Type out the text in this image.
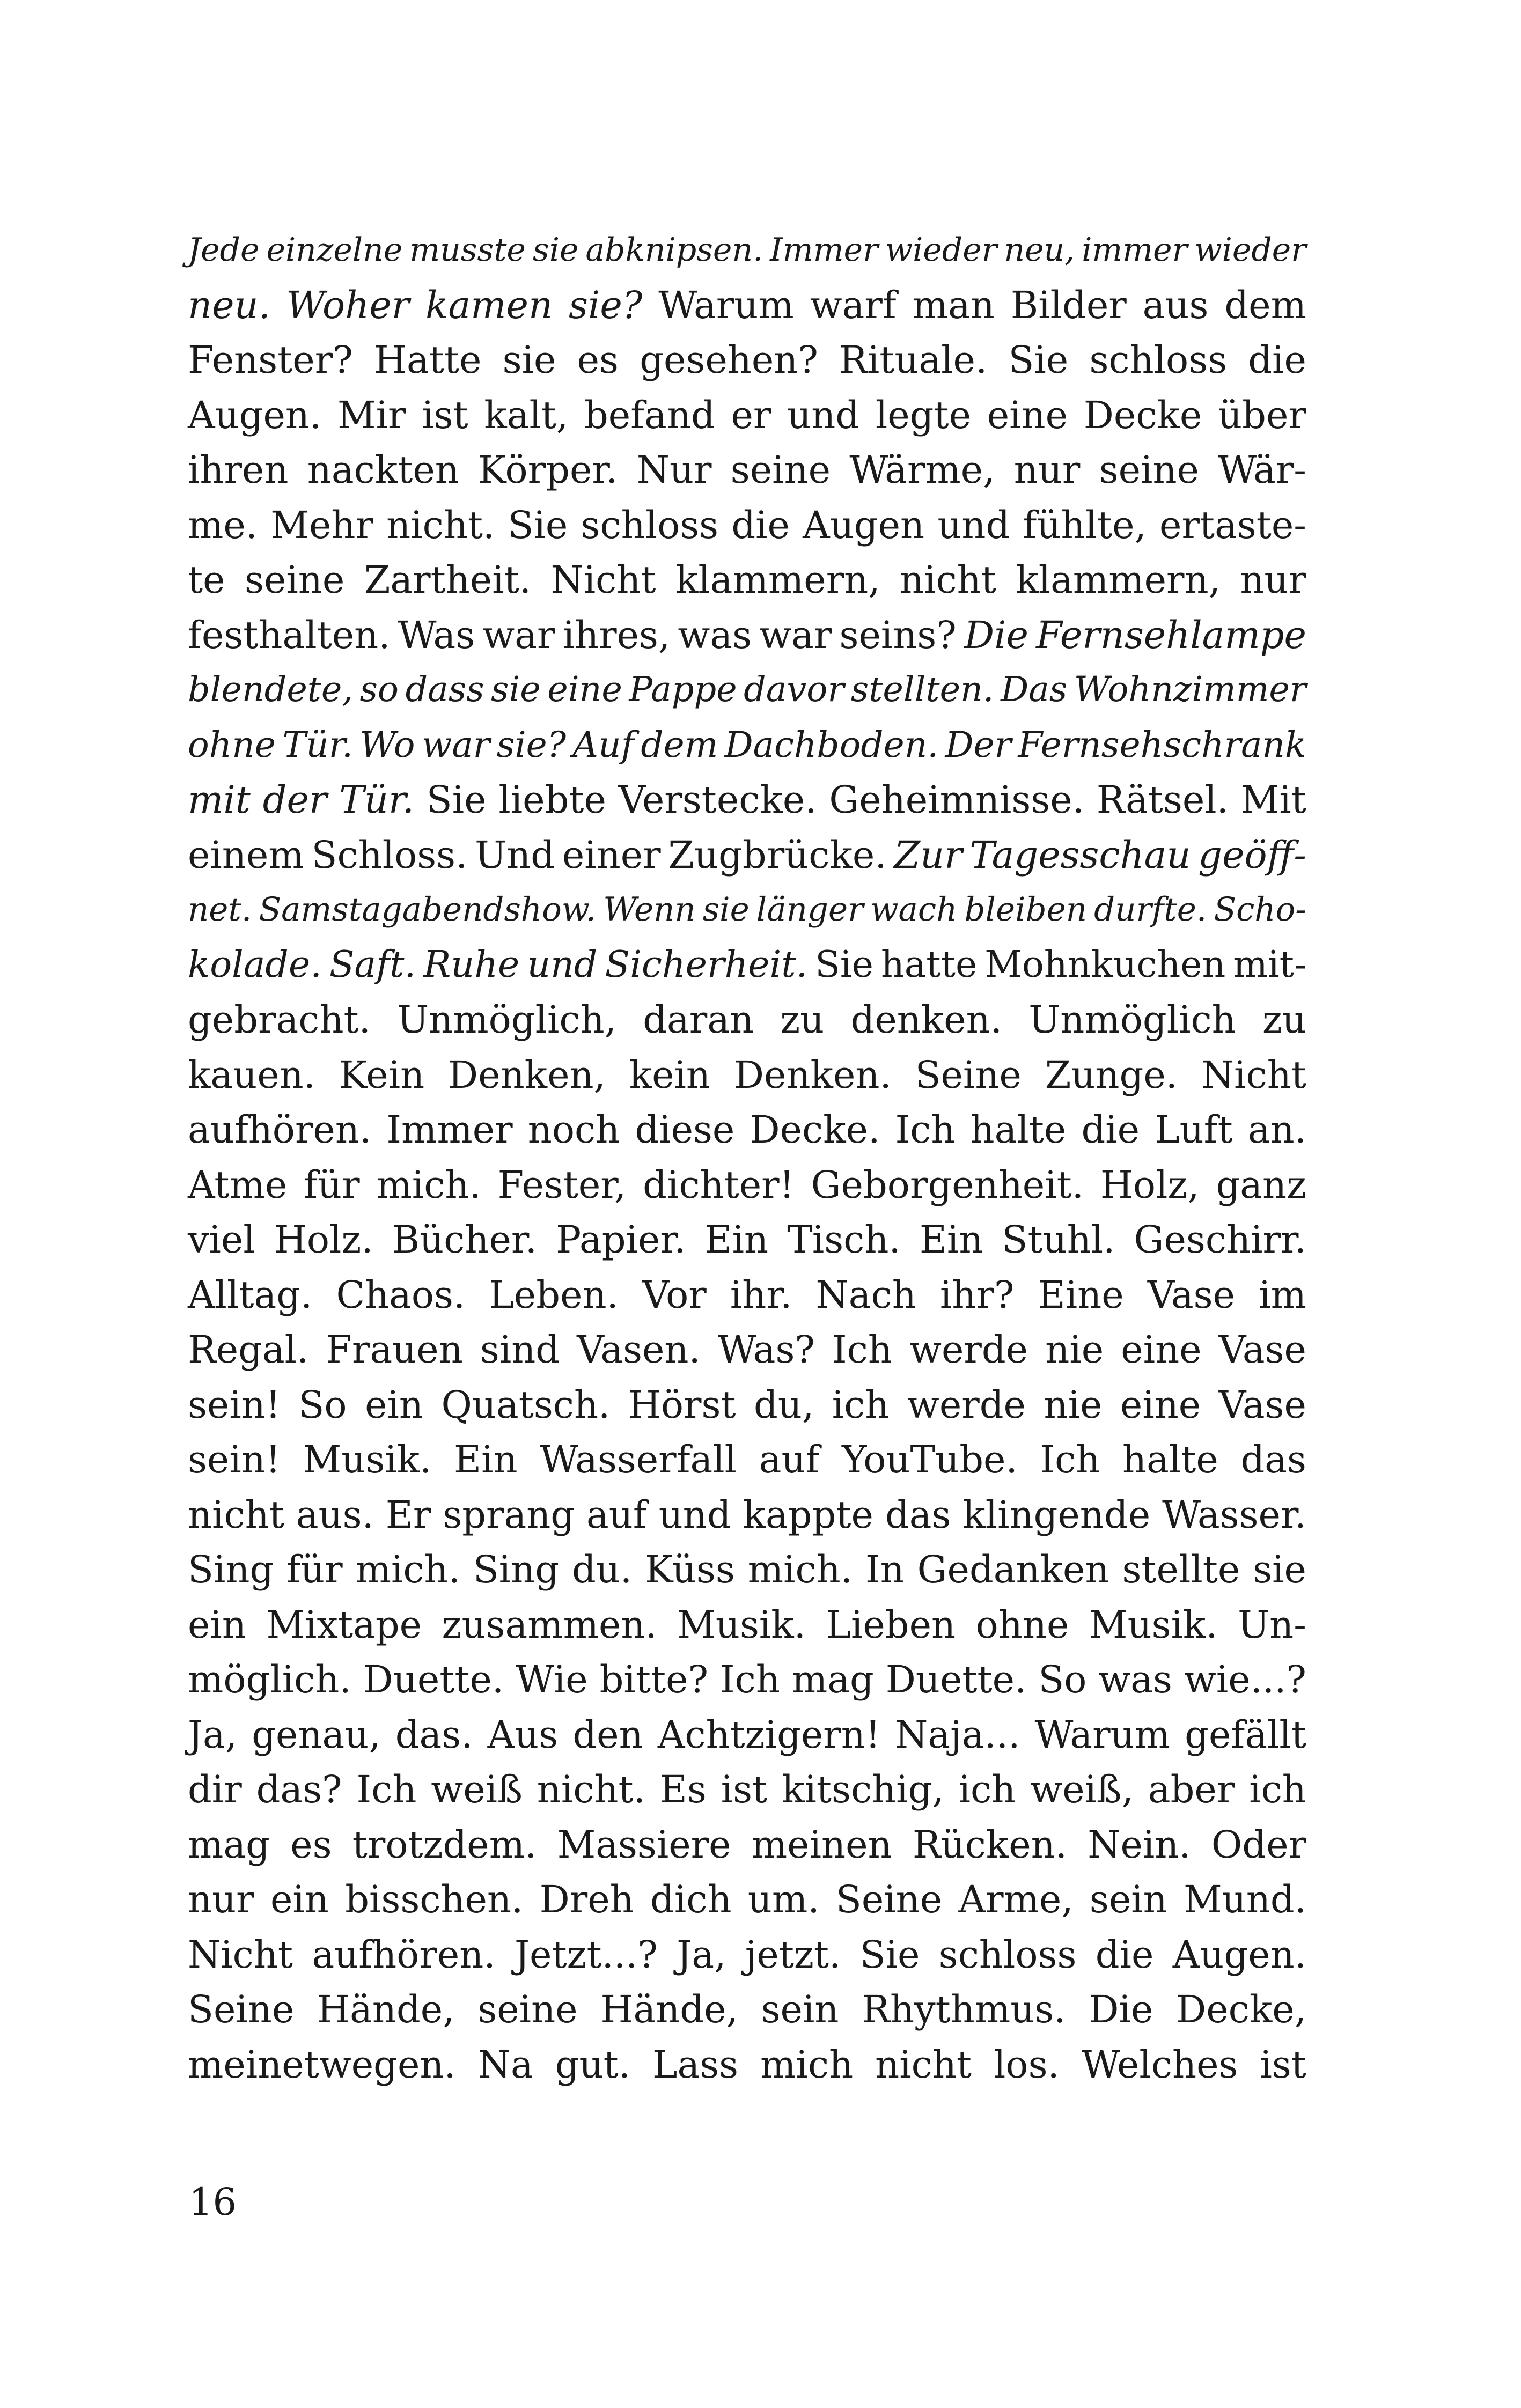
Jede einzelne musste sie abknipsen. Immer wieder neu, immer wieder
neu. Woher kamen sie? Warum warf man Bilder aus dem
Fenster? Hatte sie es gesehen? Rituale. Sie schloss die
Augen. Mir ist kalt, befand er und legte eine Decke über
ihren nackten Körper. Nur seine Wärme, nur seine Wär-
me. Mehr nicht. Sie schloss die Augen und fühlte, ertaste-
te seine Zartheit. Nicht klammern, nicht klammern, nur
festhalten. Was war ihres, was war seins? Die Fernsehlampe
blendete, so dass sie eine Pappe davor stellten. Das Wohnzimmer
ohne Tür. Wo war sie? Auf dem Dachboden. Der Fernsehschrank
mit der Tür. Sie liebte Verstecke. Geheimnisse. Rätsel. Mit
einem Schloss. Und einer Zugbrücke. Zur Tagesschau geöff-
net. Samstagabendshow. Wenn sie länger wach bleiben durfte. Scho-
kolade. Saft. Ruhe und Sicherheit. Sie hatte Mohnkuchen mit-
gebracht. Unmöglich, daran zu denken. Unmöglich zu
kauen. Kein Denken, kein Denken. Seine Zunge. Nicht
aufhören. Immer noch diese Decke. Ich halte die Luft an.
Atme für mich. Fester, dichter! Geborgenheit. Holz, ganz
viel Holz. Bücher. Papier. Ein Tisch. Ein Stuhl. Geschirr.
Alltag. Chaos. Leben. Vor ihr. Nach ihr? Eine Vase im
Regal. Frauen sind Vasen. Was? Ich werde nie eine Vase
sein! So ein Quatsch. Hörst du, ich werde nie eine Vase
sein! Musik. Ein Wasserfall auf YouTube. Ich halte das
nicht aus. Er sprang auf und kappte das klingende Wasser.
Sing für mich. Sing du. Küss mich. In Gedanken stellte sie
ein Mixtape zusammen. Musik. Lieben ohne Musik. Un-
möglich. Duette. Wie bitte? Ich mag Duette. So was wie...?
Ja, genau, das. Aus den Achtzigern! Naja... Warum gefällt
dir das? Ich weiß nicht. Es ist kitschig, ich weiß, aber ich
mag es trotzdem. Massiere meinen Rücken. Nein. Oder
nur ein bisschen. Dreh dich um. Seine Arme, sein Mund.
Nicht aufhören. Jetzt...? Ja, jetzt. Sie schloss die Augen.
Seine Hände, seine Hände, sein Rhythmus. Die Decke,
meinetwegen. Na gut. Lass mich nicht los. Welches ist
16
